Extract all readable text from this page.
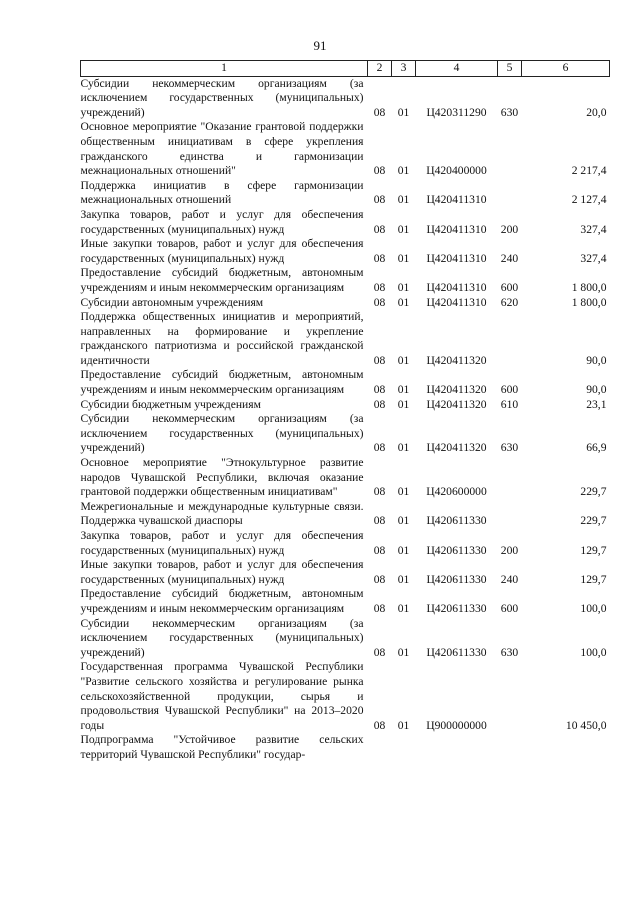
91
1	2	3	4	5	6
Субсидии некоммерческим организациям (за исключением государственных (муниципальных) учреждений)	08	01	Ц420311290	630	20,0
Основное мероприятие "Оказание грантовой поддержки общественным инициативам в сфере укрепления гражданского единства и гармонизации межнациональных отношений"	08	01	Ц420400000		2 217,4
Поддержка инициатив в сфере гармонизации межнациональных отношений	08	01	Ц420411310		2 127,4
Закупка товаров, работ и услуг для обеспечения государственных (муниципальных) нужд	08	01	Ц420411310	200	327,4
Иные закупки товаров, работ и услуг для обеспечения государственных (муниципальных) нужд	08	01	Ц420411310	240	327,4
Предоставление субсидий бюджетным, автономным учреждениям и иным некоммерческим организациям	08	01	Ц420411310	600	1 800,0
Субсидии автономным учреждениям	08	01	Ц420411310	620	1 800,0
Поддержка общественных инициатив и мероприятий, направленных на формирование и укрепление гражданского патриотизма и российской гражданской идентичности	08	01	Ц420411320		90,0
Предоставление субсидий бюджетным, автономным учреждениям и иным некоммерческим организациям	08	01	Ц420411320	600	90,0
Субсидии бюджетным учреждениям	08	01	Ц420411320	610	23,1
Субсидии некоммерческим организациям (за исключением государственных (муниципальных) учреждений)	08	01	Ц420411320	630	66,9
Основное мероприятие "Этнокультурное развитие народов Чувашской Республики, включая оказание грантовой поддержки общественным инициативам"	08	01	Ц420600000		229,7
Межрегиональные и международные культурные связи. Поддержка чувашской диаспоры	08	01	Ц420611330		229,7
Закупка товаров, работ и услуг для обеспечения государственных (муниципальных) нужд	08	01	Ц420611330	200	129,7
Иные закупки товаров, работ и услуг для обеспечения государственных (муниципальных) нужд	08	01	Ц420611330	240	129,7
Предоставление субсидий бюджетным, автономным учреждениям и иным некоммерческим организациям	08	01	Ц420611330	600	100,0
Субсидии некоммерческим организациям (за исключением государственных (муниципальных) учреждений)	08	01	Ц420611330	630	100,0
Государственная программа Чувашской Республики "Развитие сельского хозяйства и регулирование рынка сельскохозяйственной продукции, сырья и продовольствия Чувашской Республики" на 2013–2020 годы	08	01	Ц900000000		10 450,0
Подпрограмма "Устойчивое развитие сельских территорий Чувашской Республики" государ-					
